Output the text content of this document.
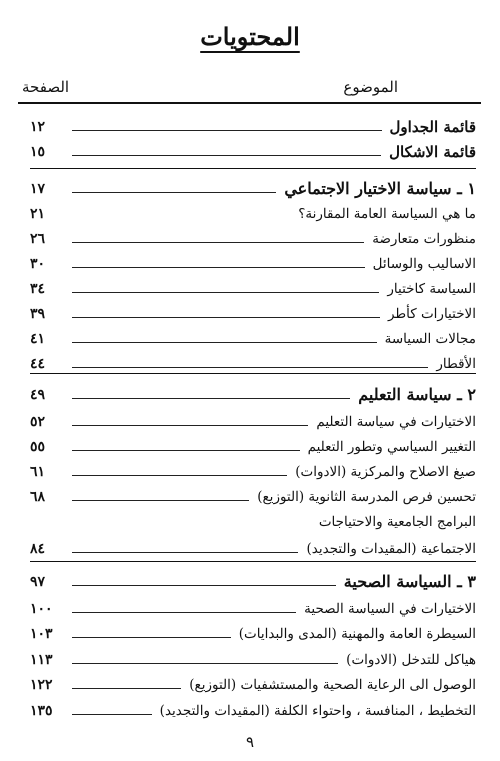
المحتويات
الموضوع
الصفحة
قائمة الجداول
١٢
قائمة الاشكال
١٥
١ ـ سياسة الاختيار الاجتماعي
١٧
ما هي السياسة العامة المقارنة؟
٢١
منظورات متعارضة
٢٦
الاساليب والوسائل
٣٠
السياسة كاختيار
٣٤
الاختيارات كأطر
٣٩
مجالات السياسة
٤١
الأقطار
٤٤
٢ ـ سياسة التعليم
٤٩
الاختيارات في سياسة التعليم
٥٢
التغيير السياسي وتطور التعليم
٥٥
صيغ الاصلاح والمركزية (الادوات)
٦١
تحسين فرص المدرسة الثانوية (التوزيع)
٦٨
البرامج الجامعية والاحتياجات
الاجتماعية (المقيدات والتجديد)
٨٤
٣ ـ السياسة الصحية
٩٧
الاختيارات في السياسة الصحية
١٠٠
السيطرة العامة والمهنية (المدى والبدايات)
١٠٣
هياكل للتدخل (الادوات)
١١٣
الوصول الى الرعاية الصحية والمستشفيات (التوزيع)
١٢٢
التخطيط ، المنافسة ، واحتواء الكلفة (المقيدات والتجديد)
١٣٥
٩
